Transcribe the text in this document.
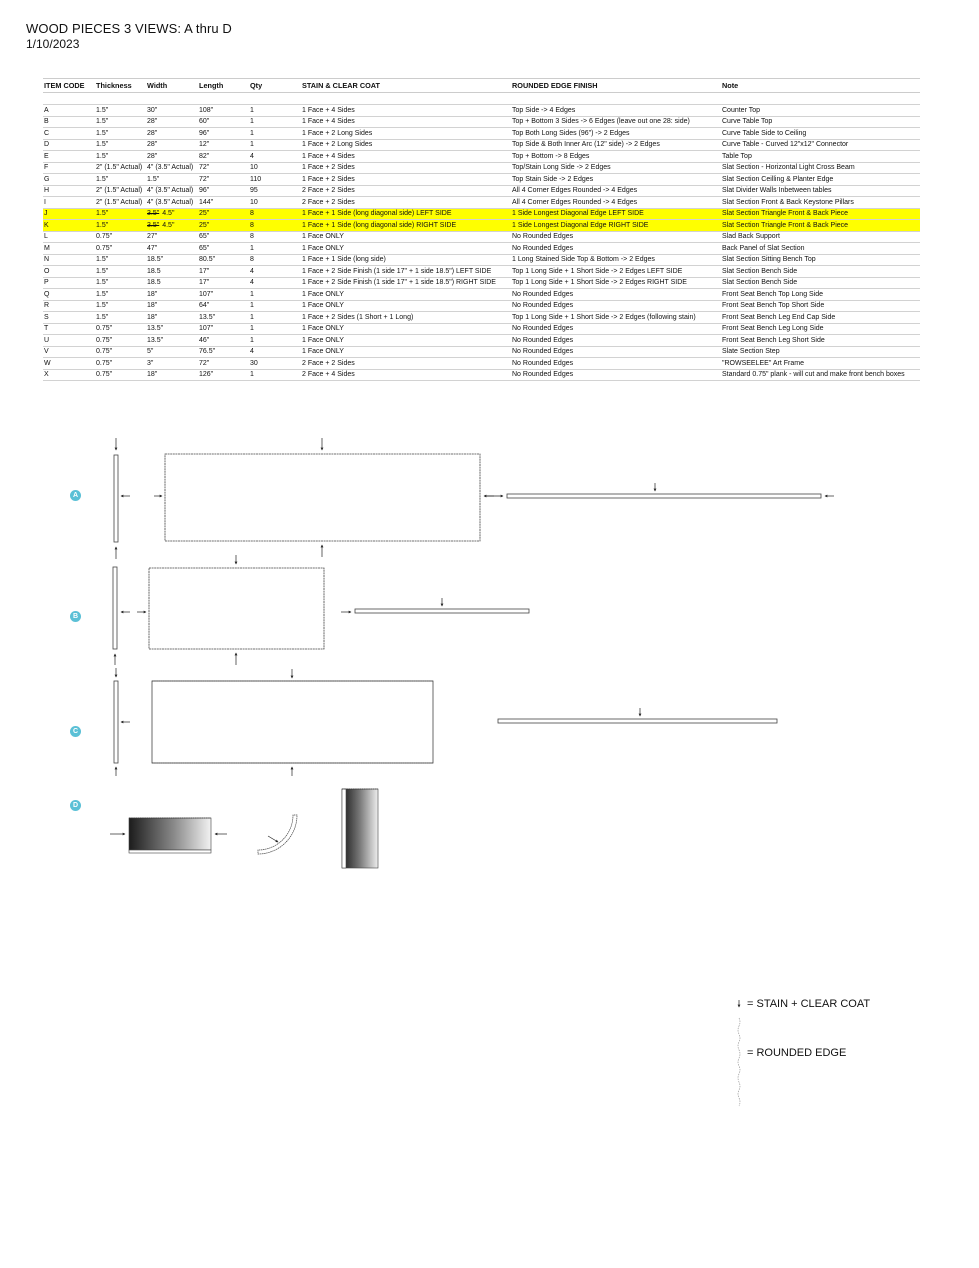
WOOD PIECES 3 VIEWS: A thru D
1/10/2023
ITEM CODE	Thickness	Width	Length	Qty	STAIN & CLEAR COAT	ROUNDED EDGE FINISH	Note

A	1.5"	30"	108"	1	1 Face + 4 Sides	Top Side -> 4 Edges	Counter Top
B	1.5"	28"	60"	1	1 Face + 4 Sides	Top + Bottom 3 Sides -> 6 Edges (leave out one 28: side)	Curve Table Top
C	1.5"	28"	96"	1	1 Face + 2 Long Sides	Top Both Long Sides (96") -> 2 Edges	Curve Table Side to Ceiling
D	1.5"	28"	12"	1	1 Face + 2 Long Sides	Top Side & Both Inner Arc (12" side) -> 2 Edges	Curve Table - Curved 12"x12" Connector
E	1.5"	28"	82"	4	1 Face + 4 Sides	Top + Bottom -> 8 Edges	Table Top
F	2" (1.5" Actual)	4" (3.5" Actual)	72"	10	1 Face + 2 Sides	Top/Stain Long Side -> 2 Edges	Slat Section - Horizontal Light Cross Beam
G	1.5"	1.5"	72"	110	1 Face + 2 Sides	Top Stain Side -> 2 Edges	Slat Section Ceilling & Planter Edge
H	2" (1.5" Actual)	4" (3.5" Actual)	96"	95	2 Face + 2 Sides	All 4 Corner Edges Rounded -> 4 Edges	Slat Divider Walls Inbetween tables
I	2" (1.5" Actual)	4" (3.5" Actual)	144"	10	2 Face + 2 Sides	All 4 Corner Edges Rounded -> 4 Edges	Slat Section Front & Back Keystone Pillars
J	1.5"	3.5" 4.5"	25"	8	1 Face + 1 Side (long diagonal side) LEFT SIDE	1 Side Longest Diagonal Edge LEFT SIDE	Slat Section Triangle Front & Back Piece
K	1.5"	3.5" 4.5"	25"	8	1 Face + 1 Side (long diagonal side) RIGHT SIDE	1 Side Longest Diagonal Edge RIGHT SIDE	Slat Section Triangle Front & Back Piece
L	0.75"	27"	65"	8	1 Face ONLY	No Rounded Edges	Slad Back Support
M	0.75"	47"	65"	1	1 Face ONLY	No Rounded Edges	Back Panel of Slat Section
N	1.5"	18.5"	80.5"	8	1 Face + 1 Side (long side)	1 Long Stained Side Top & Bottom -> 2 Edges	Slat Section Sitting Bench Top
O	1.5"	18.5	17"	4	1 Face + 2 Side Finish (1 side 17" + 1 side 18.5") LEFT SIDE	Top 1 Long Side + 1 Short Side -> 2 Edges LEFT SIDE	Slat Section Bench Side
P	1.5"	18.5	17"	4	1 Face + 2 Side Finish (1 side 17" + 1 side 18.5") RIGHT SIDE	Top 1 Long Side + 1 Short Side -> 2 Edges RIGHT SIDE	Slat Section Bench Side
Q	1.5"	18"	107"	1	1 Face ONLY	No Rounded Edges	Front Seat Bench Top Long Side
R	1.5"	18"	64"	1	1 Face ONLY	No Rounded Edges	Front Seat Bench Top Short Side
S	1.5"	18"	13.5"	1	1 Face + 2 Sides (1 Short + 1 Long)	Top 1 Long Side + 1 Short Side -> 2 Edges (following stain)	Front Seat Bench Leg End Cap Side
T	0.75"	13.5"	107"	1	1 Face ONLY	No Rounded Edges	Front Seat Bench Leg Long Side
U	0.75"	13.5"	46"	1	1 Face ONLY	No Rounded Edges	Front Seat Bench Leg Short Side
V	0.75"	5"	76.5"	4	1 Face ONLY	No Rounded Edges	Slate Section Step
W	0.75"	3"	72"	30	2 Face + 2 Sides	No Rounded Edges	"ROWSEELEE" Art Frame
X	0.75"	18"	126"	1	2 Face + 4 Sides	No Rounded Edges	Standard 0.75" plank - will cut and make front bench boxes
A
B
C
D
= STAIN + CLEAR COAT
= ROUNDED EDGE
